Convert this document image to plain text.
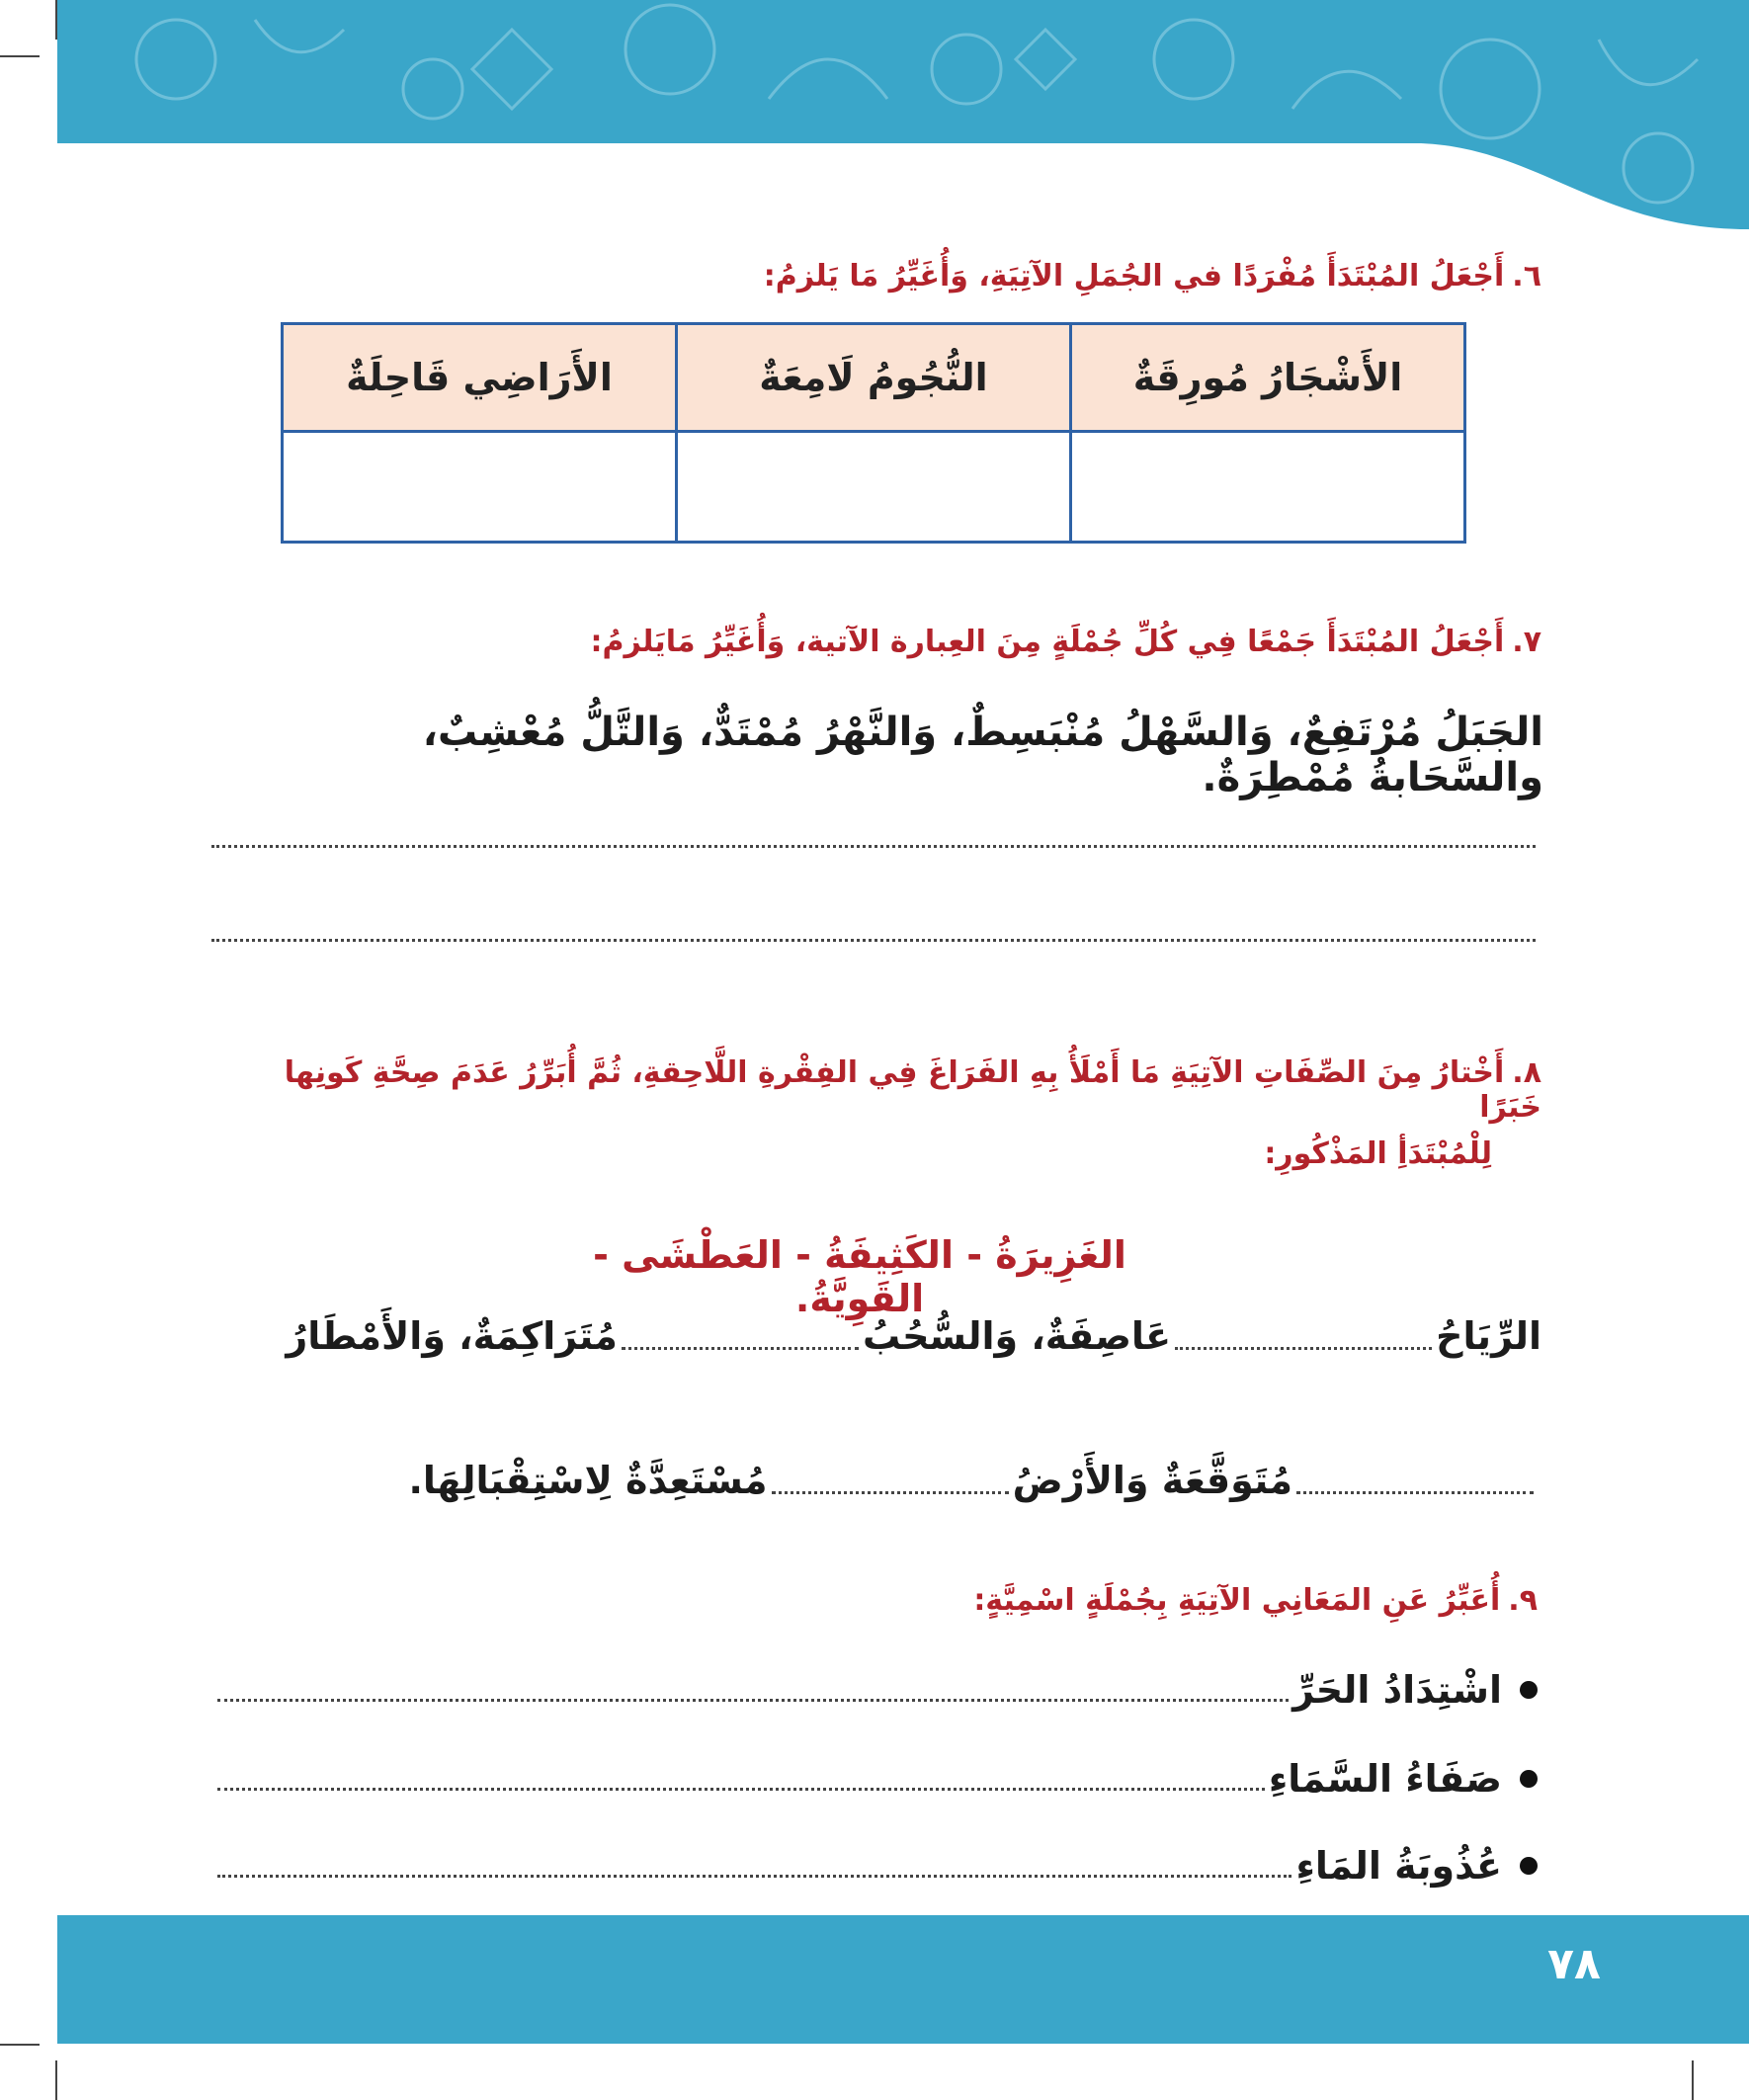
٦.أَجْعَلُ المُبْتَدَأَ مُفْرَدًا في الجُمَلِ الآتِيَةِ، وَأُغَيِّرُ مَا يَلزمُ:
الأَشْجَارُ مُورِقَةٌ	النُّجُومُ لَامِعَةٌ	الأَرَاضِي قَاحِلَةٌ

٧.أَجْعَلُ المُبْتَدَأَ جَمْعًا فِي كُلِّ جُمْلَةٍ مِنَ العِبارة الآتية، وَأُغَيِّرُ مَايَلزمُ:
الجَبَلُ مُرْتَفِعٌ، وَالسَّهْلُ مُنْبَسِطٌ، وَالنَّهْرُ مُمْتَدٌّ، وَالتَّلُّ مُعْشِبٌ، والسَّحَابةُ مُمْطِرَةٌ.
٨.أَخْتارُ مِنَ الصِّفَاتِ الآتِيَةِ مَا أَمْلَأُ بِهِ الفَرَاغَ فِي الفِقْرةِ اللَّاحِقةِ، ثُمَّ أُبَرِّرُ عَدَمَ صِحَّةِ كَونِها خَبَرًا
لِلْمُبْتَدَأِ المَذْكُورِ:
الغَزِيرَةُ - الكَثِيفَةُ - العَطْشَى - القَوِيَّةُ.
الرِّيَاحُ
عَاصِفَةٌ، وَالسُّحُبُ
مُتَرَاكِمَةٌ، وَالأَمْطَارُ
مُتَوَقَّعَةٌ وَالأَرْضُ
مُسْتَعِدَّةٌ لِاسْتِقْبَالِهَا.
٩.أُعَبِّرُ عَنِ المَعَانِي الآتِيَةِ بِجُمْلَةٍ اسْمِيَّةٍ:
اشْتِدَادُ الحَرِّ
صَفَاءُ السَّمَاءِ
عُذُوبَةُ المَاءِ
٧٨
